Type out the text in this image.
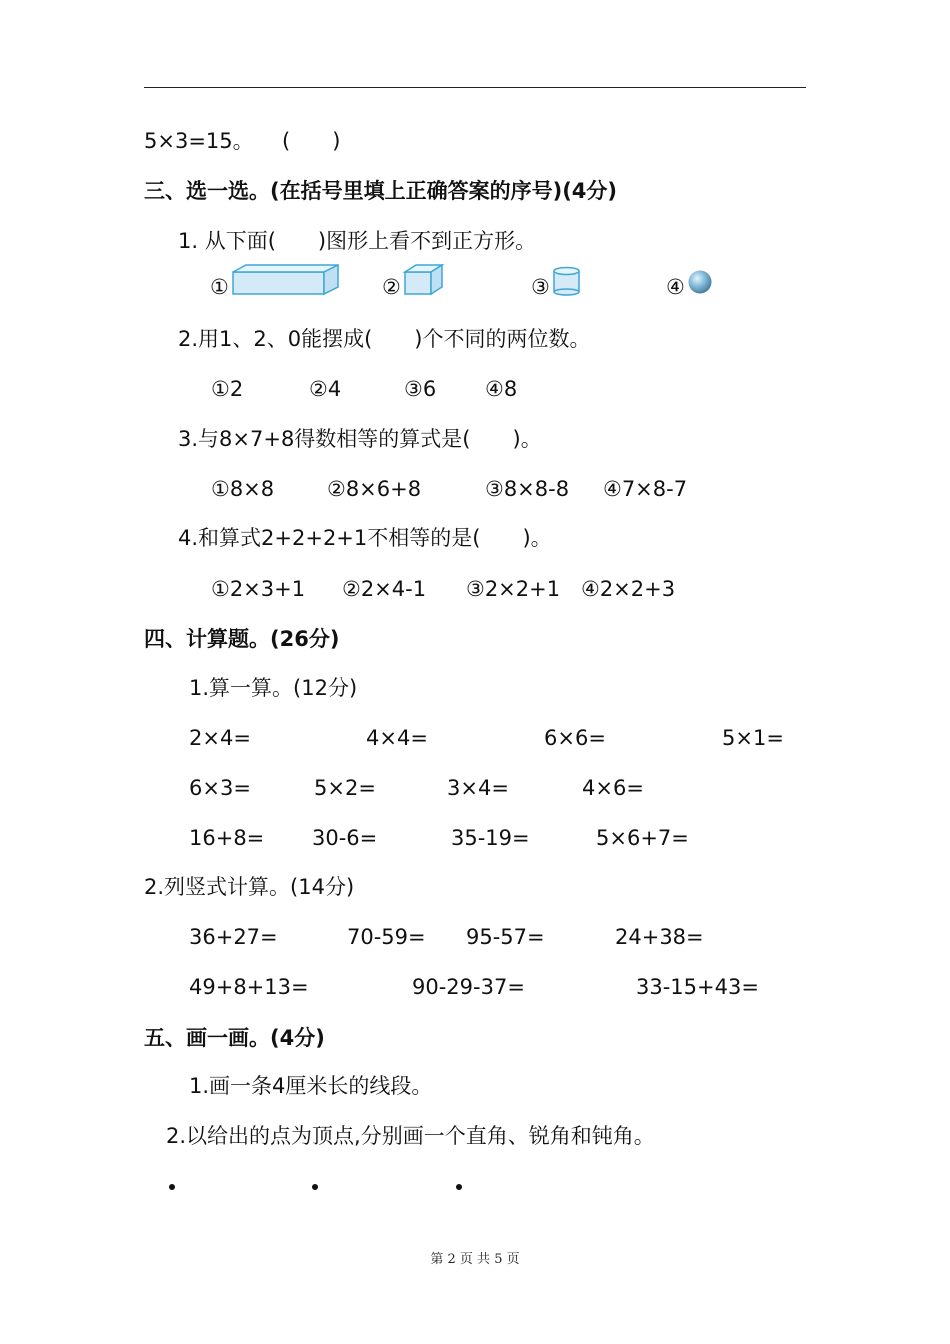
5×3=15。 (　　)
三、选一选。(在括号里填上正确答案的序号)(4分)
1. 从下面(　　)图形上看不到正方形。
①	②	③	④
2.用1、2、0能摆成(　　)个不同的两位数。
①2	②4	③6 ④8
3.与8×7+8得数相等的算式是(　　)。
①8×8	②8×6+8	③8×8-8 ④7×8-7
4.和算式2+2+2+1不相等的是(　　)。
①2×3+1 ②2×4-1 ③2×2+1 ④2×2+3
四、计算题。(26分)
1.算一算。(12分)
2×4=	4×4=	6×6=	5×1=
6×3=	5×2=	3×4=	4×6=
16+8= 30-6=	35-19=	5×6+7=
2.列竖式计算。(14分)
36+27=	70-59= 95-57=	24+38=
49+8+13=	90-29-37=	33-15+43=
五、画一画。(4分)
1.画一条4厘米长的线段。
2.以给出的点为顶点,分别画一个直角、锐角和钝角。
第 2 页 共 5 页
